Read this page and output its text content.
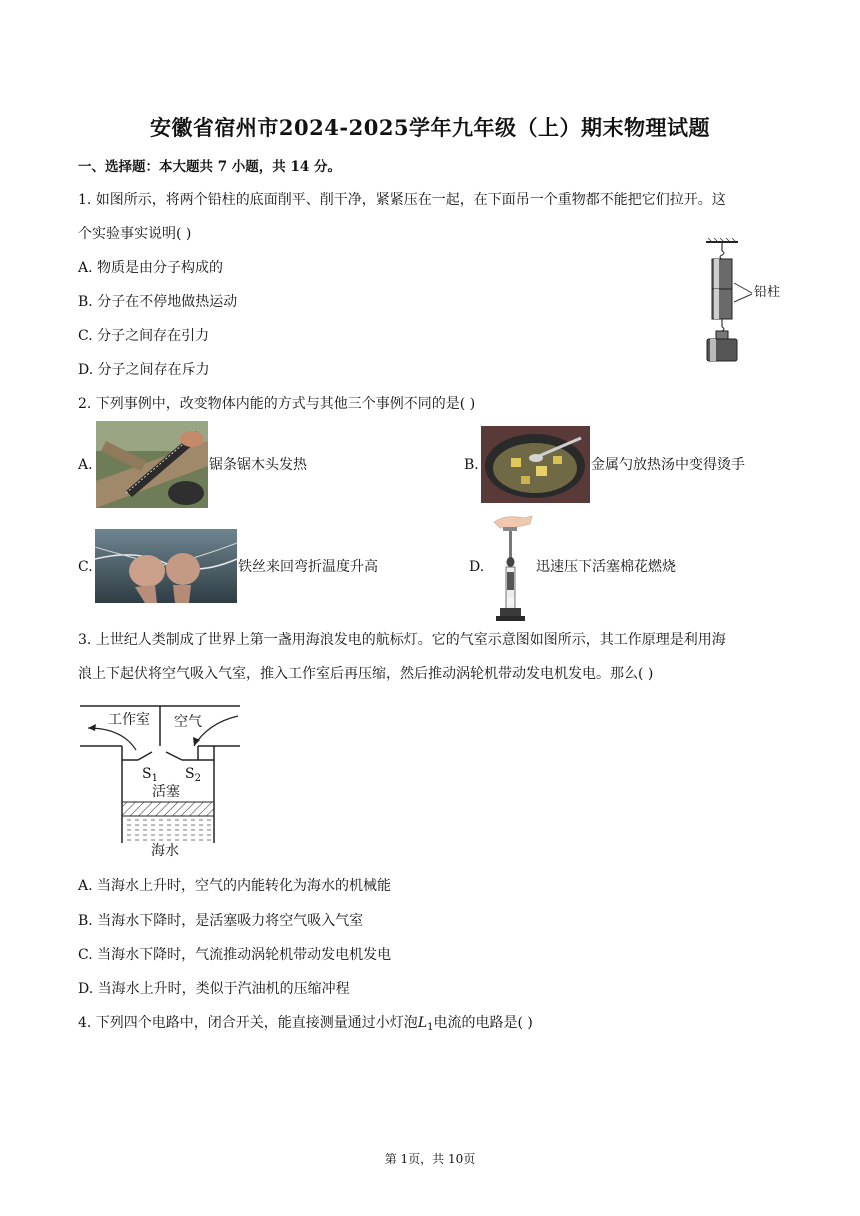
安徽省宿州市2024-2025学年九年级（上）期末物理试题
一、选择题：本大题共 7 小题，共 14 分。
1. 如图所示，将两个铅柱的底面削平、削干净，紧紧压在一起，在下面吊一个重物都不能把它们拉开。这
个实验事实说明( )
A. 物质是由分子构成的
B. 分子在不停地做热运动
C. 分子之间存在引力
D. 分子之间存在斥力
铅柱
2. 下列事例中，改变物体内能的方式与其他三个事例不同的是( )
A.	锯条锯木头发热	B.	金属勺放热汤中变得烫手
C.	铁丝来回弯折温度升高	D.	迅速压下活塞棉花燃烧
3. 上世纪人类制成了世界上第一盏用海浪发电的航标灯。它的气室示意图如图所示，其工作原理是利用海
浪上下起伏将空气吸入气室，推入工作室后再压缩，然后推动涡轮机带动发电机发电。那么( )
工作室 空气
$S_1$ $S_2$
活塞
海水
A. 当海水上升时，空气的内能转化为海水的机械能
B. 当海水下降时，是活塞吸力将空气吸入气室
C. 当海水下降时，气流推动涡轮机带动发电机发电
D. 当海水上升时，类似于汽油机的压缩冲程
4. 下列四个电路中，闭合开关，能直接测量通过小灯泡$L_1$电流的电路是( )
第 1页，共 10页
